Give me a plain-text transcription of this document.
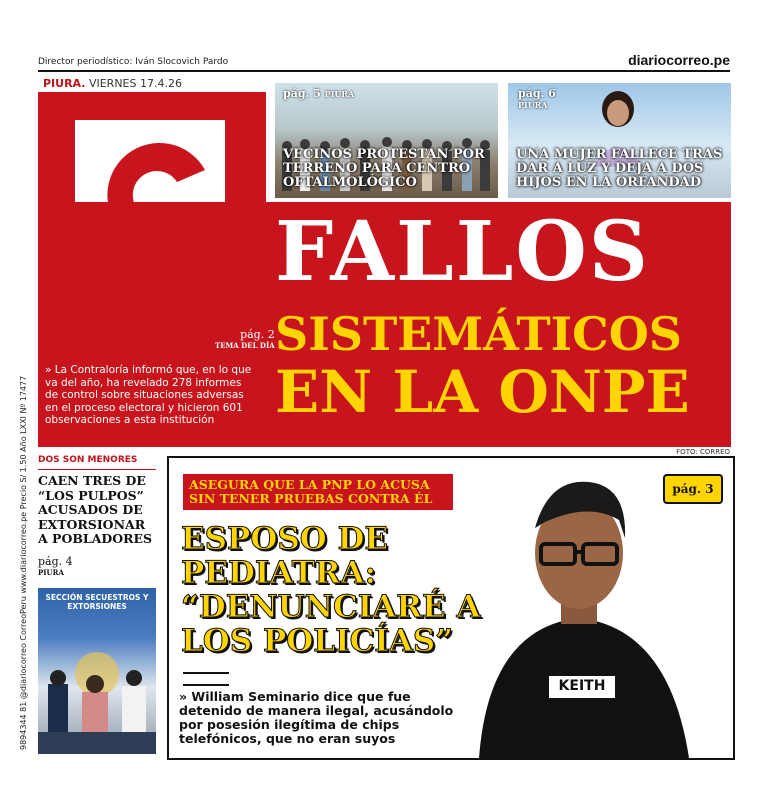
Director periodístico: Iván Slocovich Pardo	diariocorreo.pe
PIURA. VIERNES 17.4.26
9894344 81 @diariocorreo CorreoPeru www.diariocorreo.pe Precio S/ 1.50 Año LXXI Nº 17477
pág. 5 PIURA
VECINOS PROTESTAN POR TERRENO PARA CENTRO OFTALMOLÓGICO
pág. 6
PIURA
UNA MUJER FALLECE TRAS DAR A LUZ Y DEJA A DOS HIJOS EN LA ORFANDAD
FALLOS
SISTEMÁTICOS
EN LA ONPE
pág. 2
TEMA DEL DÍA
» La Contraloría informó que, en lo que va del año, ha revelado 278 informes de control sobre situaciones adversas en el proceso electoral y hicieron 601 observaciones a esta institución
FOTO: CORREO
DOS SON MENORES
CAEN TRES DE “LOS PULPOS” ACUSADOS DE EXTORSIONAR A POBLADORES
pág. 4
PIURA
SECCIÓN SECUESTROS Y EXTORSIONES
ASEGURA QUE LA PNP LO ACUSA SIN TENER PRUEBAS CONTRA ÉL
ESPOSO DE PEDIATRA: “DENUNCIARÉ A LOS POLICÍAS”
» William Seminario dice que fue detenido de manera ilegal, acusándolo por posesión ilegítima de chips telefónicos, que no eran suyos
KEITH
pág. 3
